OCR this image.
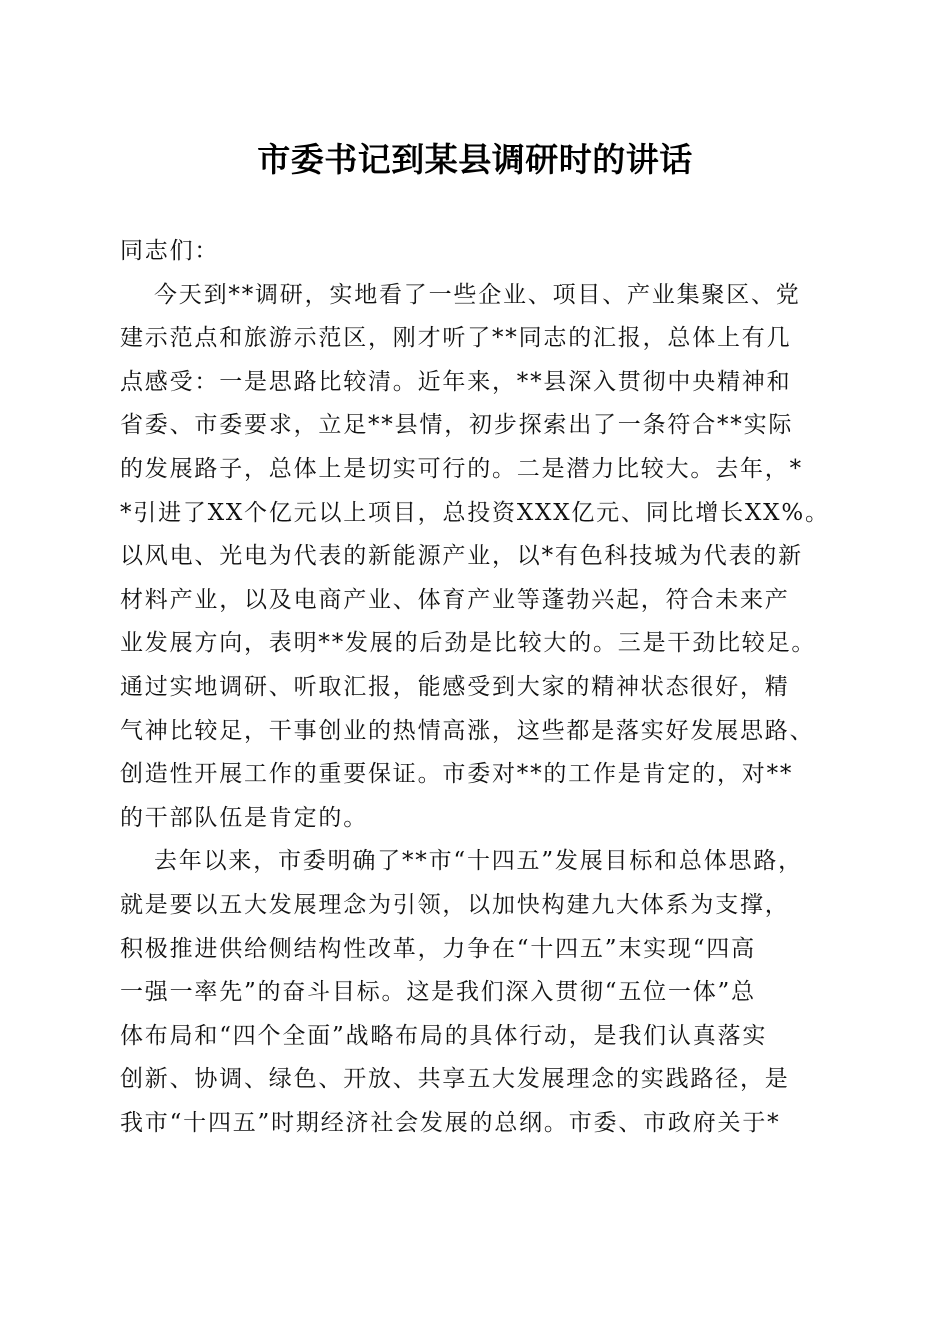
市委书记到某县调研时的讲话
同志们：
今天到**调研，实地看了一些企业、项目、产业集聚区、党
建示范点和旅游示范区，刚才听了**同志的汇报，总体上有几
点感受：一是思路比较清。近年来，**县深入贯彻中央精神和
省委、市委要求，立足**县情，初步探索出了一条符合**实际
的发展路子，总体上是切实可行的。二是潜力比较大。去年，*
*引进了XX个亿元以上项目，总投资XXX亿元、同比增长XX%。
以风电、光电为代表的新能源产业，以*有色科技城为代表的新
材料产业，以及电商产业、体育产业等蓬勃兴起，符合未来产
业发展方向，表明**发展的后劲是比较大的。三是干劲比较足。
通过实地调研、听取汇报，能感受到大家的精神状态很好，精
气神比较足，干事创业的热情高涨，这些都是落实好发展思路、
创造性开展工作的重要保证。市委对**的工作是肯定的，对**
的干部队伍是肯定的。
去年以来，市委明确了**市“十四五”发展目标和总体思路，
就是要以五大发展理念为引领，以加快构建九大体系为支撑，
积极推进供给侧结构性改革，力争在“十四五”末实现“四高
一强一率先”的奋斗目标。这是我们深入贯彻“五位一体”总
体布局和“四个全面”战略布局的具体行动，是我们认真落实
创新、协调、绿色、开放、共享五大发展理念的实践路径，是
我市“十四五”时期经济社会发展的总纲。市委、市政府关于*
